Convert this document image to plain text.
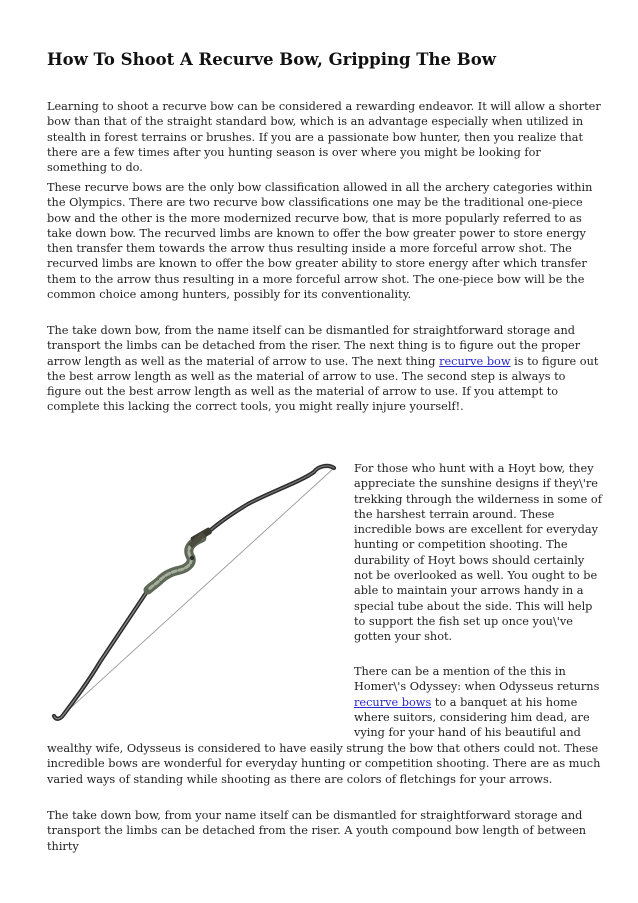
How To Shoot A Recurve Bow, Gripping The Bow

Learning to shoot a recurve bow can be considered a rewarding endeavor. It will allow a shorter bow than that of the straight standard bow, which is an advantage especially when utilized in stealth in forest terrains or brushes. If you are a passionate bow hunter, then you realize that there are a few times after you hunting season is over where you might be looking for something to do.

These recurve bows are the only bow classification allowed in all the archery categories within the Olympics. There are two recurve bow classifications one may be the traditional one-piece bow and the other is the more modernized recurve bow, that is more popularly referred to as take down bow. The recurved limbs are known to offer the bow greater power to store energy then transfer them towards the arrow thus resulting inside a more forceful arrow shot. The recurved limbs are known to offer the bow greater ability to store energy after which transfer them to the arrow thus resulting in a more forceful arrow shot. The one-piece bow will be the common choice among hunters, possibly for its conventionality.

The take down bow, from the name itself can be dismantled for straightforward storage and transport the limbs can be detached from the riser. The next thing is to figure out the proper arrow length as well as the material of arrow to use. The next thing recurve bow is to figure out the best arrow length as well as the material of arrow to use. The second step is always to figure out the best arrow length as well as the material of arrow to use. If you attempt to complete this lacking the correct tools, you might really injure yourself!.

For those who hunt with a Hoyt bow, they appreciate the sunshine designs if they\'re trekking through the wilderness in some of the harshest terrain around. These incredible bows are excellent for everyday hunting or competition shooting. The durability of Hoyt bows should certainly not be overlooked as well. You ought to be able to maintain your arrows handy in a special tube about the side. This will help to support the fish set up once you\'ve gotten your shot.

There can be a mention of the this in Homer\'s Odyssey: when Odysseus returns recurve bows to a banquet at his home where suitors, considering him dead, are vying for your hand of his beautiful and

wealthy wife, Odysseus is considered to have easily strung the bow that others could not. These incredible bows are wonderful for everyday hunting or competition shooting. There are as much varied ways of standing while shooting as there are colors of fletchings for your arrows.

The take down bow, from your name itself can be dismantled for straightforward storage and transport the limbs can be detached from the riser. A youth compound bow length of between thirty
